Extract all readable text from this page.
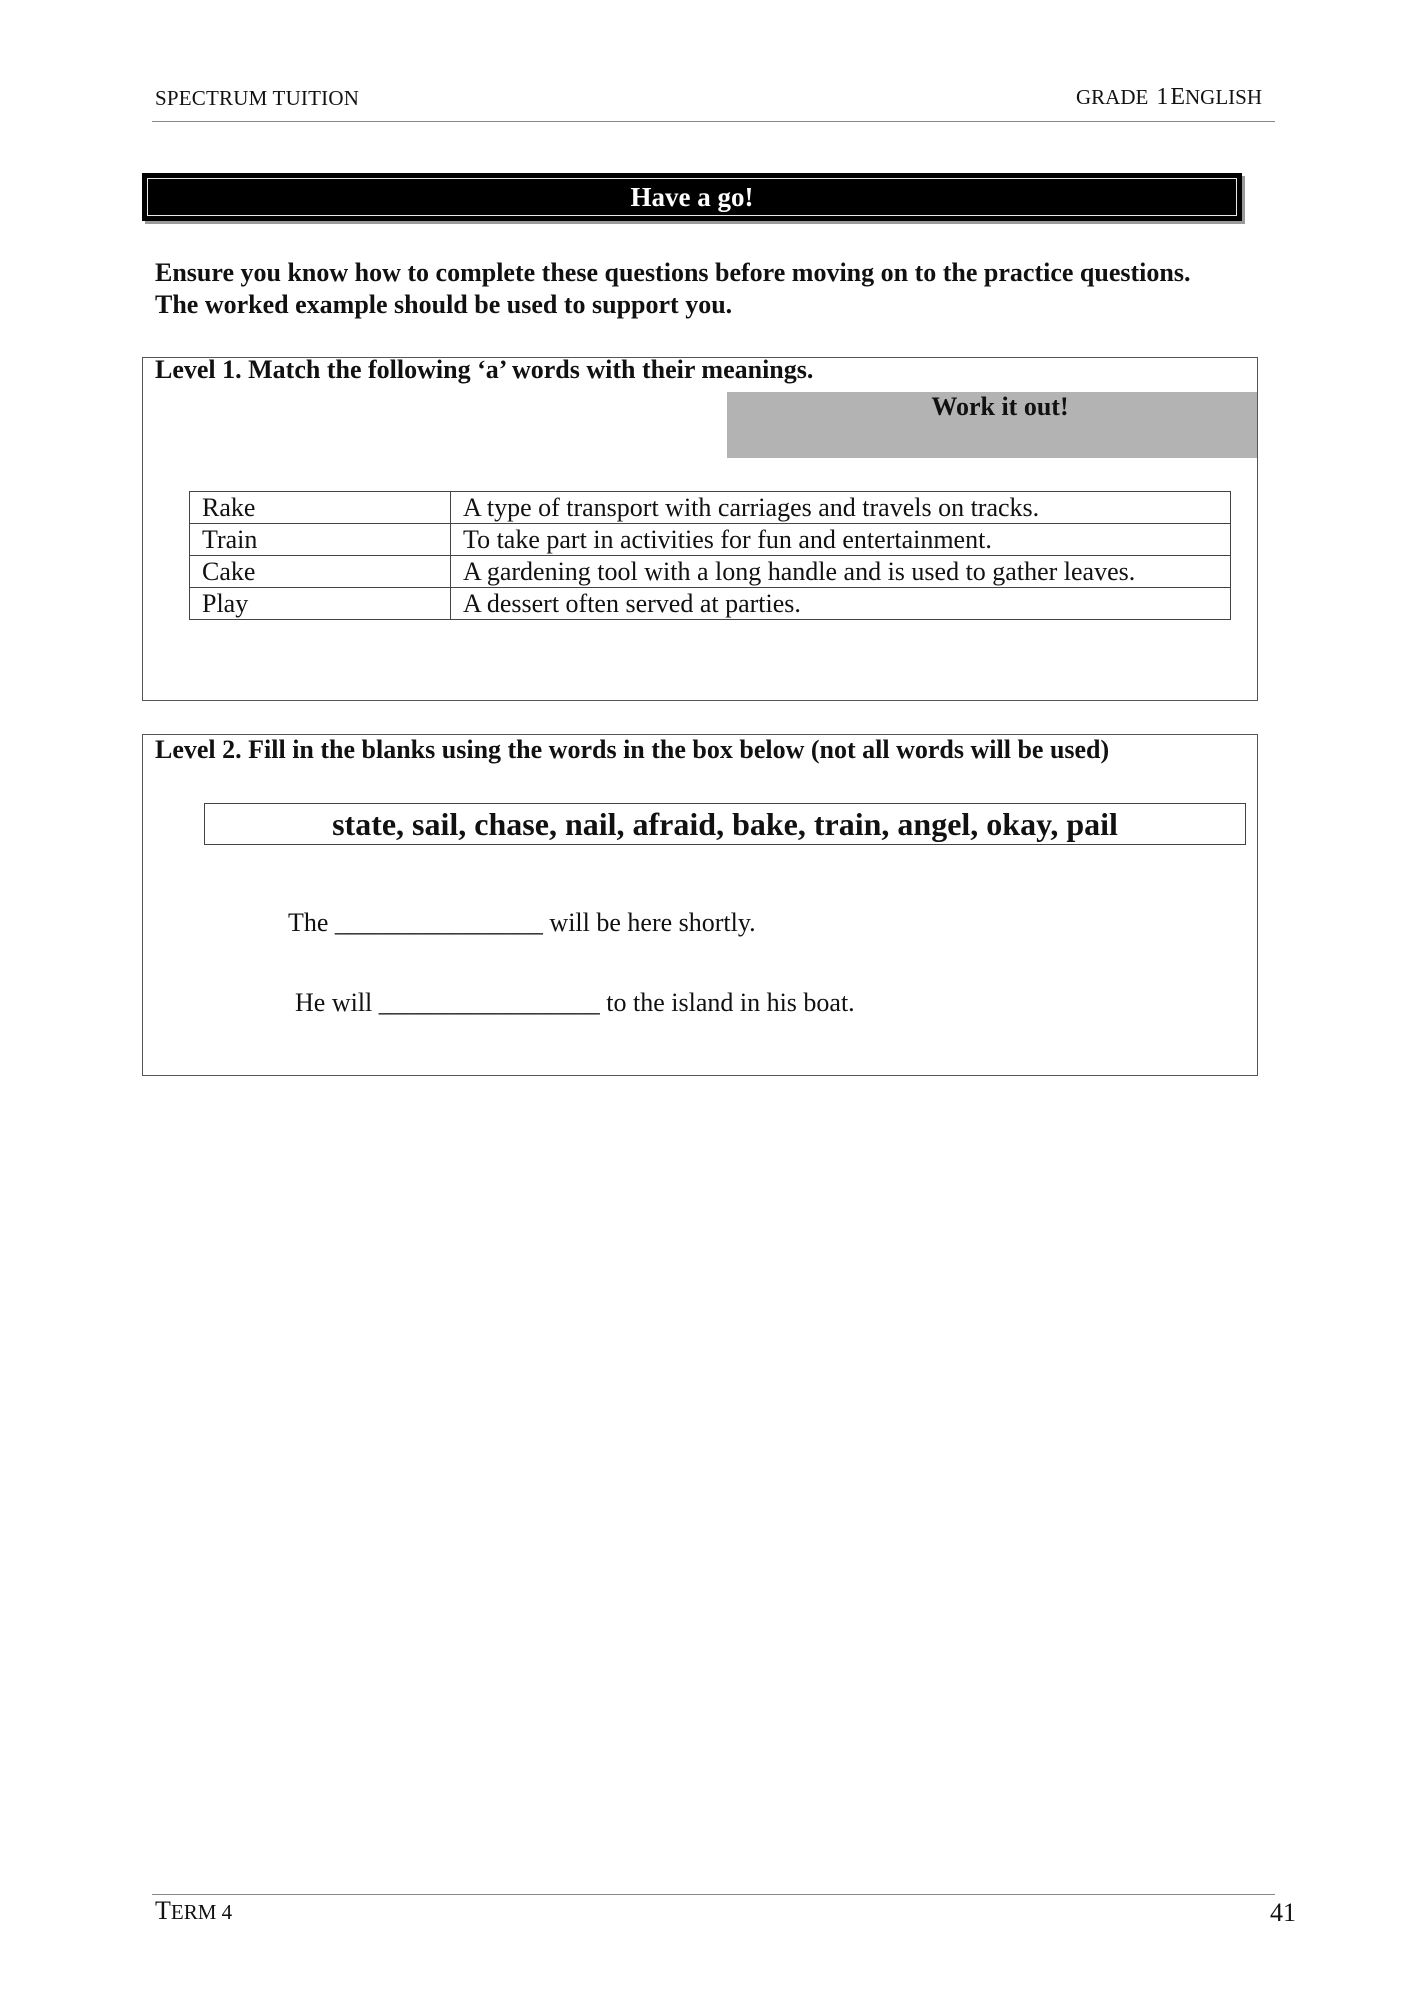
SPECTRUM TUITION	GRADE 1ENGLISH
Have a go!
Ensure you know how to complete these questions before moving on to the practice questions. The worked example should be used to support you.
Level 1. Match the following ‘a’ words with their meanings.
Work it out!
Rake	A type of transport with carriages and travels on tracks.
Train	To take part in activities for fun and entertainment.
Cake	A gardening tool with a long handle and is used to gather leaves.
Play	A dessert often served at parties.
Level 2. Fill in the blanks using the words in the box below (not all words will be used)
state, sail, chase, nail, afraid, bake, train, angel, okay, pail
The ________________ will be here shortly.
He will _________________ to the island in his boat.
TERM 4	41
